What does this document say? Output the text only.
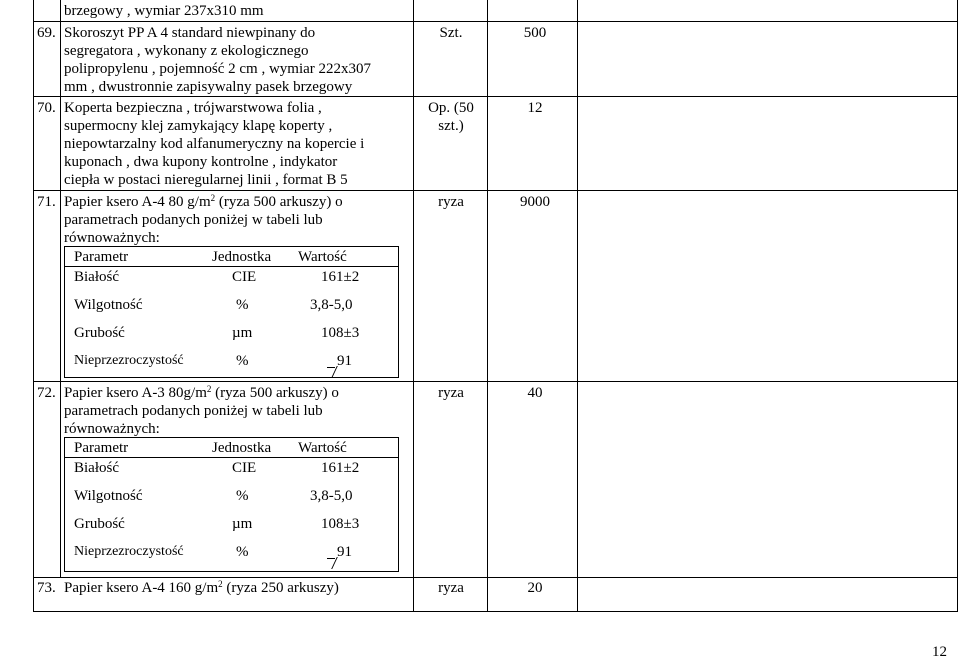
brzegowy , wymiar 237x310 mm
69. Skoroszyt PP A 4 standard niewpinany do
segregatora , wykonany z ekologicznego
polipropylenu , pojemność 2 cm , wymiar 222x307
mm , dwustronnie zapisywalny pasek brzegowy
Szt.	500
70. Koperta bezpieczna , trójwarstwowa folia ,
supermocny klej zamykający klapę koperty ,
niepowtarzalny kod alfanumeryczny na kopercie i
kuponach , dwa kupony kontrolne , indykator
ciepła w postaci nieregularnej linii , format B 5
Op. (50
szt.)
12
71. Papier ksero A-4 80 $g/m^2$ (ryza 500 arkuszy) o
parametrach podanych poniżej w tabeli lub
równoważnych:
ryza	9000
Parametr	Jednostka Wartość
Białość	CIE	161±2
Wilgotność	%	3,8-5,0
Grubość	µm	108±3
Nieprzezroczystość	%	91
72. Papier ksero A-3 $80g/m^2$ (ryza 500 arkuszy) o
parametrach podanych poniżej w tabeli lub
równoważnych:
ryza	40
Parametr	Jednostka Wartość
Białość	CIE	161±2
Wilgotność	%	3,8-5,0
Grubość	µm	108±3
Nieprzezroczystość	%	91
73. Papier ksero A-4 160 $g/m^2$ (ryza 250 arkuszy)	ryza	20
12
